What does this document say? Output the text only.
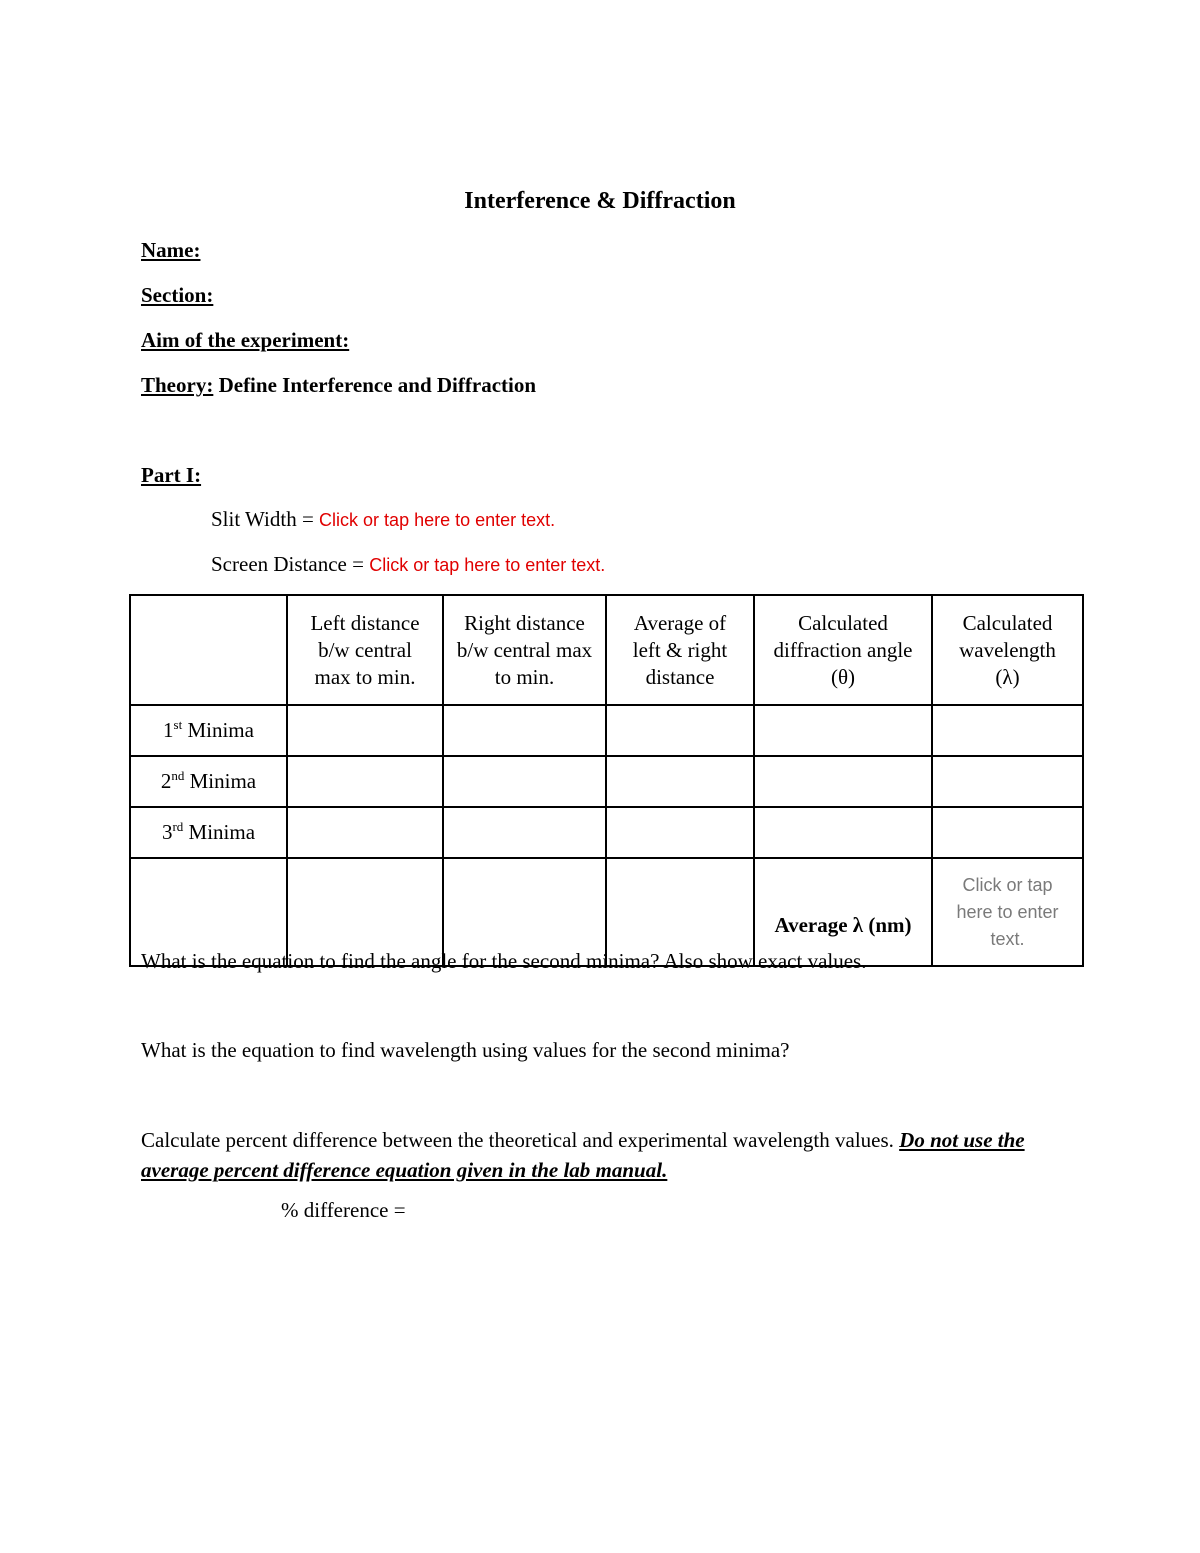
Interference & Diffraction
Name:
Section:
Aim of the experiment:
Theory: Define Interference and Diffraction
Part I:
Slit Width = Click or tap here to enter text.
Screen Distance = Click or tap here to enter text.

	Left distance b/w central max to min.	Right distance b/w central max to min.	Average of left & right distance	Calculated diffraction angle (θ)	Calculated wavelength (λ)

1st Minima					
2nd Minima					
3rd Minima					
				Average λ (nm)	Click or tap here to enter text.
What is the equation to find the angle for the second minima? Also show exact values.
What is the equation to find wavelength using values for the second minima?
Calculate percent difference between the theoretical and experimental wavelength values. Do not use the average percent difference equation given in the lab manual.
% difference =
